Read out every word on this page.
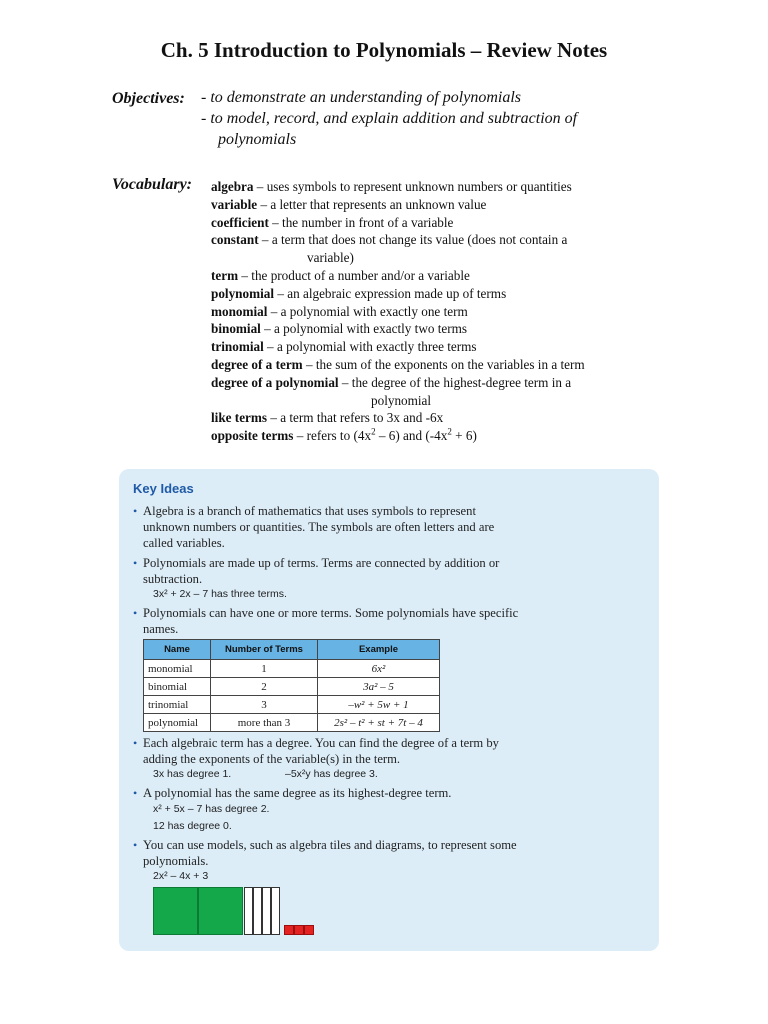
Ch. 5 Introduction to Polynomials – Review Notes
Objectives: - to demonstrate an understanding of polynomials
- to model, record, and explain addition and subtraction of
polynomials
Vocabulary: algebra – uses symbols to represent unknown numbers or quantities
variable – a letter that represents an unknown value
coefficient – the number in front of a variable
constant – a term that does not change its value (does not contain a
variable)
term – the product of a number and/or a variable
polynomial – an algebraic expression made up of terms
monomial – a polynomial with exactly one term
binomial – a polynomial with exactly two terms
trinomial – a polynomial with exactly three terms
degree of a term – the sum of the exponents on the variables in a term
degree of a polynomial – the degree of the highest-degree term in a
polynomial
like terms – a term that refers to 3x and -6x
opposite terms – refers to $(4x^2 - 6)$ and $(-4x^2 + 6)$
Key Ideas
• Algebra is a branch of mathematics that uses symbols to represent unknown numbers or quantities. The symbols are often letters and are called variables.
• Polynomials are made up of terms. Terms are connected by addition or subtraction.
3x² + 2x – 7 has three terms.
• Polynomials can have one or more terms. Some polynomials have specific names.
Name	Number of Terms	Example
monomial	1	6x²
binomial	2	3a² – 5
trinomial	3	–w² + 5w + 1
polynomial	more than 3	2s² – t² + st + 7t – 4
• Each algebraic term has a degree. You can find the degree of a term by adding the exponents of the variable(s) in the term.
3x has degree 1.	–5x²y has degree 3.
• A polynomial has the same degree as its highest-degree term.
x² + 5x – 7 has degree 2.
12 has degree 0.
• You can use models, such as algebra tiles and diagrams, to represent some polynomials.
2x² – 4x + 3
